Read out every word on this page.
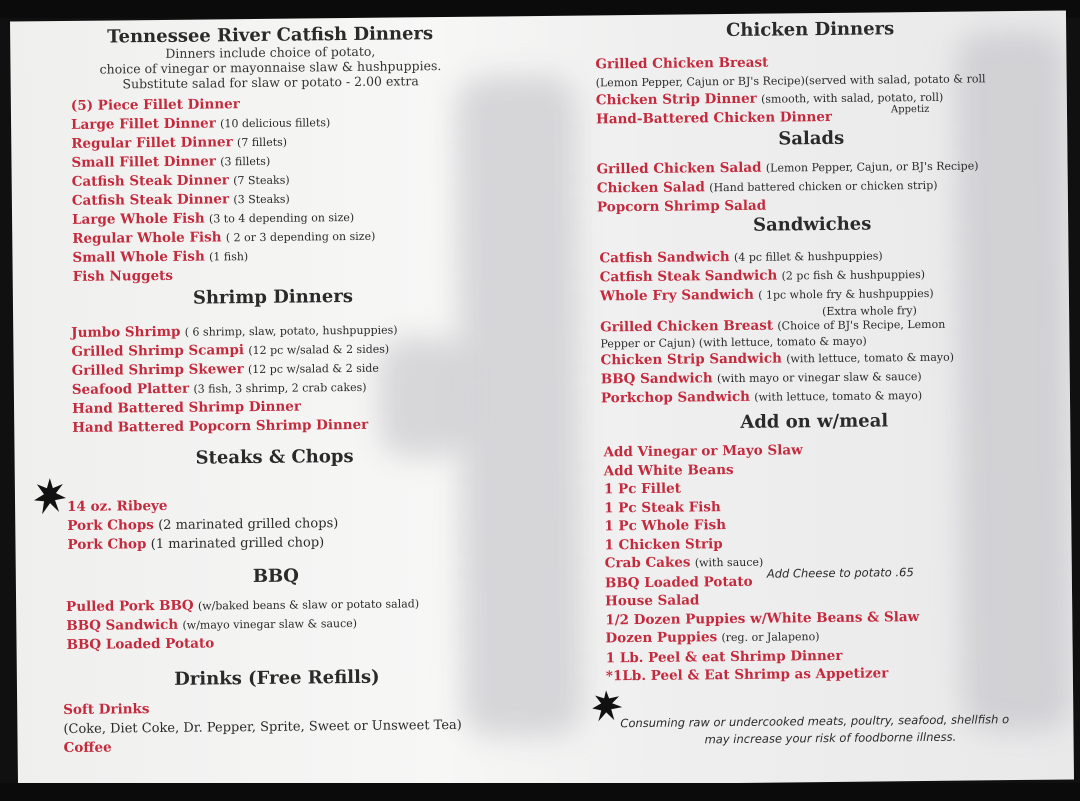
Tennessee River Catfish Dinners
Dinners include choice of potato,
choice of vinegar or mayonnaise slaw & hushpuppies.
Substitute salad for slaw or potato - 2.00 extra
(5) Piece Fillet Dinner
Large Fillet Dinner (10 delicious fillets)
Regular Fillet Dinner (7 fillets)
Small Fillet Dinner (3 fillets)
Catfish Steak Dinner (7 Steaks)
Catfish Steak Dinner (3 Steaks)
Large Whole Fish (3 to 4 depending on size)
Regular Whole Fish ( 2 or 3 depending on size)
Small Whole Fish (1 fish)
Fish Nuggets
Shrimp Dinners
Jumbo Shrimp ( 6 shrimp, slaw, potato, hushpuppies)
Grilled Shrimp Scampi (12 pc w/salad & 2 sides)
Grilled Shrimp Skewer (12 pc w/salad & 2 side
Seafood Platter (3 fish, 3 shrimp, 2 crab cakes)
Hand Battered Shrimp Dinner
Hand Battered Popcorn Shrimp Dinner
Steaks & Chops
14 oz. Ribeye
Pork Chops (2 marinated grilled chops)
Pork Chop (1 marinated grilled chop)
BBQ
Pulled Pork BBQ (w/baked beans & slaw or potato salad)
BBQ Sandwich (w/mayo vinegar slaw & sauce)
BBQ Loaded Potato
Drinks (Free Refills)
Soft Drinks
(Coke, Diet Coke, Dr. Pepper, Sprite, Sweet or Unsweet Tea)
Coffee
Chicken Dinners
Grilled Chicken Breast
(Lemon Pepper, Cajun or BJ's Recipe)(served with salad, potato & roll
Chicken Strip Dinner (smooth, with salad, potato, roll)
Hand-Battered Chicken Dinner	Appetiz
Salads
Grilled Chicken Salad (Lemon Pepper, Cajun, or BJ's Recipe)
Chicken Salad (Hand battered chicken or chicken strip)
Popcorn Shrimp Salad
Sandwiches
Catfish Sandwich (4 pc fillet & hushpuppies)
Catfish Steak Sandwich (2 pc fish & hushpuppies)
Whole Fry Sandwich ( 1pc whole fry & hushpuppies)
(Extra whole fry)
Grilled Chicken Breast (Choice of BJ's Recipe, Lemon
Pepper or Cajun) (with lettuce, tomato & mayo)
Chicken Strip Sandwich (with lettuce, tomato & mayo)
BBQ Sandwich (with mayo or vinegar slaw & sauce)
Porkchop Sandwich (with lettuce, tomato & mayo)
Add on w/meal
Add Vinegar or Mayo Slaw
Add White Beans
1 Pc Fillet
1 Pc Steak Fish
1 Pc Whole Fish
1 Chicken Strip
Crab Cakes (with sauce)
BBQ Loaded Potato
House Salad
1/2 Dozen Puppies w/White Beans & Slaw
Dozen Puppies (reg. or Jalapeno)
1 Lb. Peel & eat Shrimp Dinner
*1Lb. Peel & Eat Shrimp as Appetizer
Add Cheese to potato .65
Consuming raw or undercooked meats, poultry, seafood, shellfish o
may increase your risk of foodborne illness.
